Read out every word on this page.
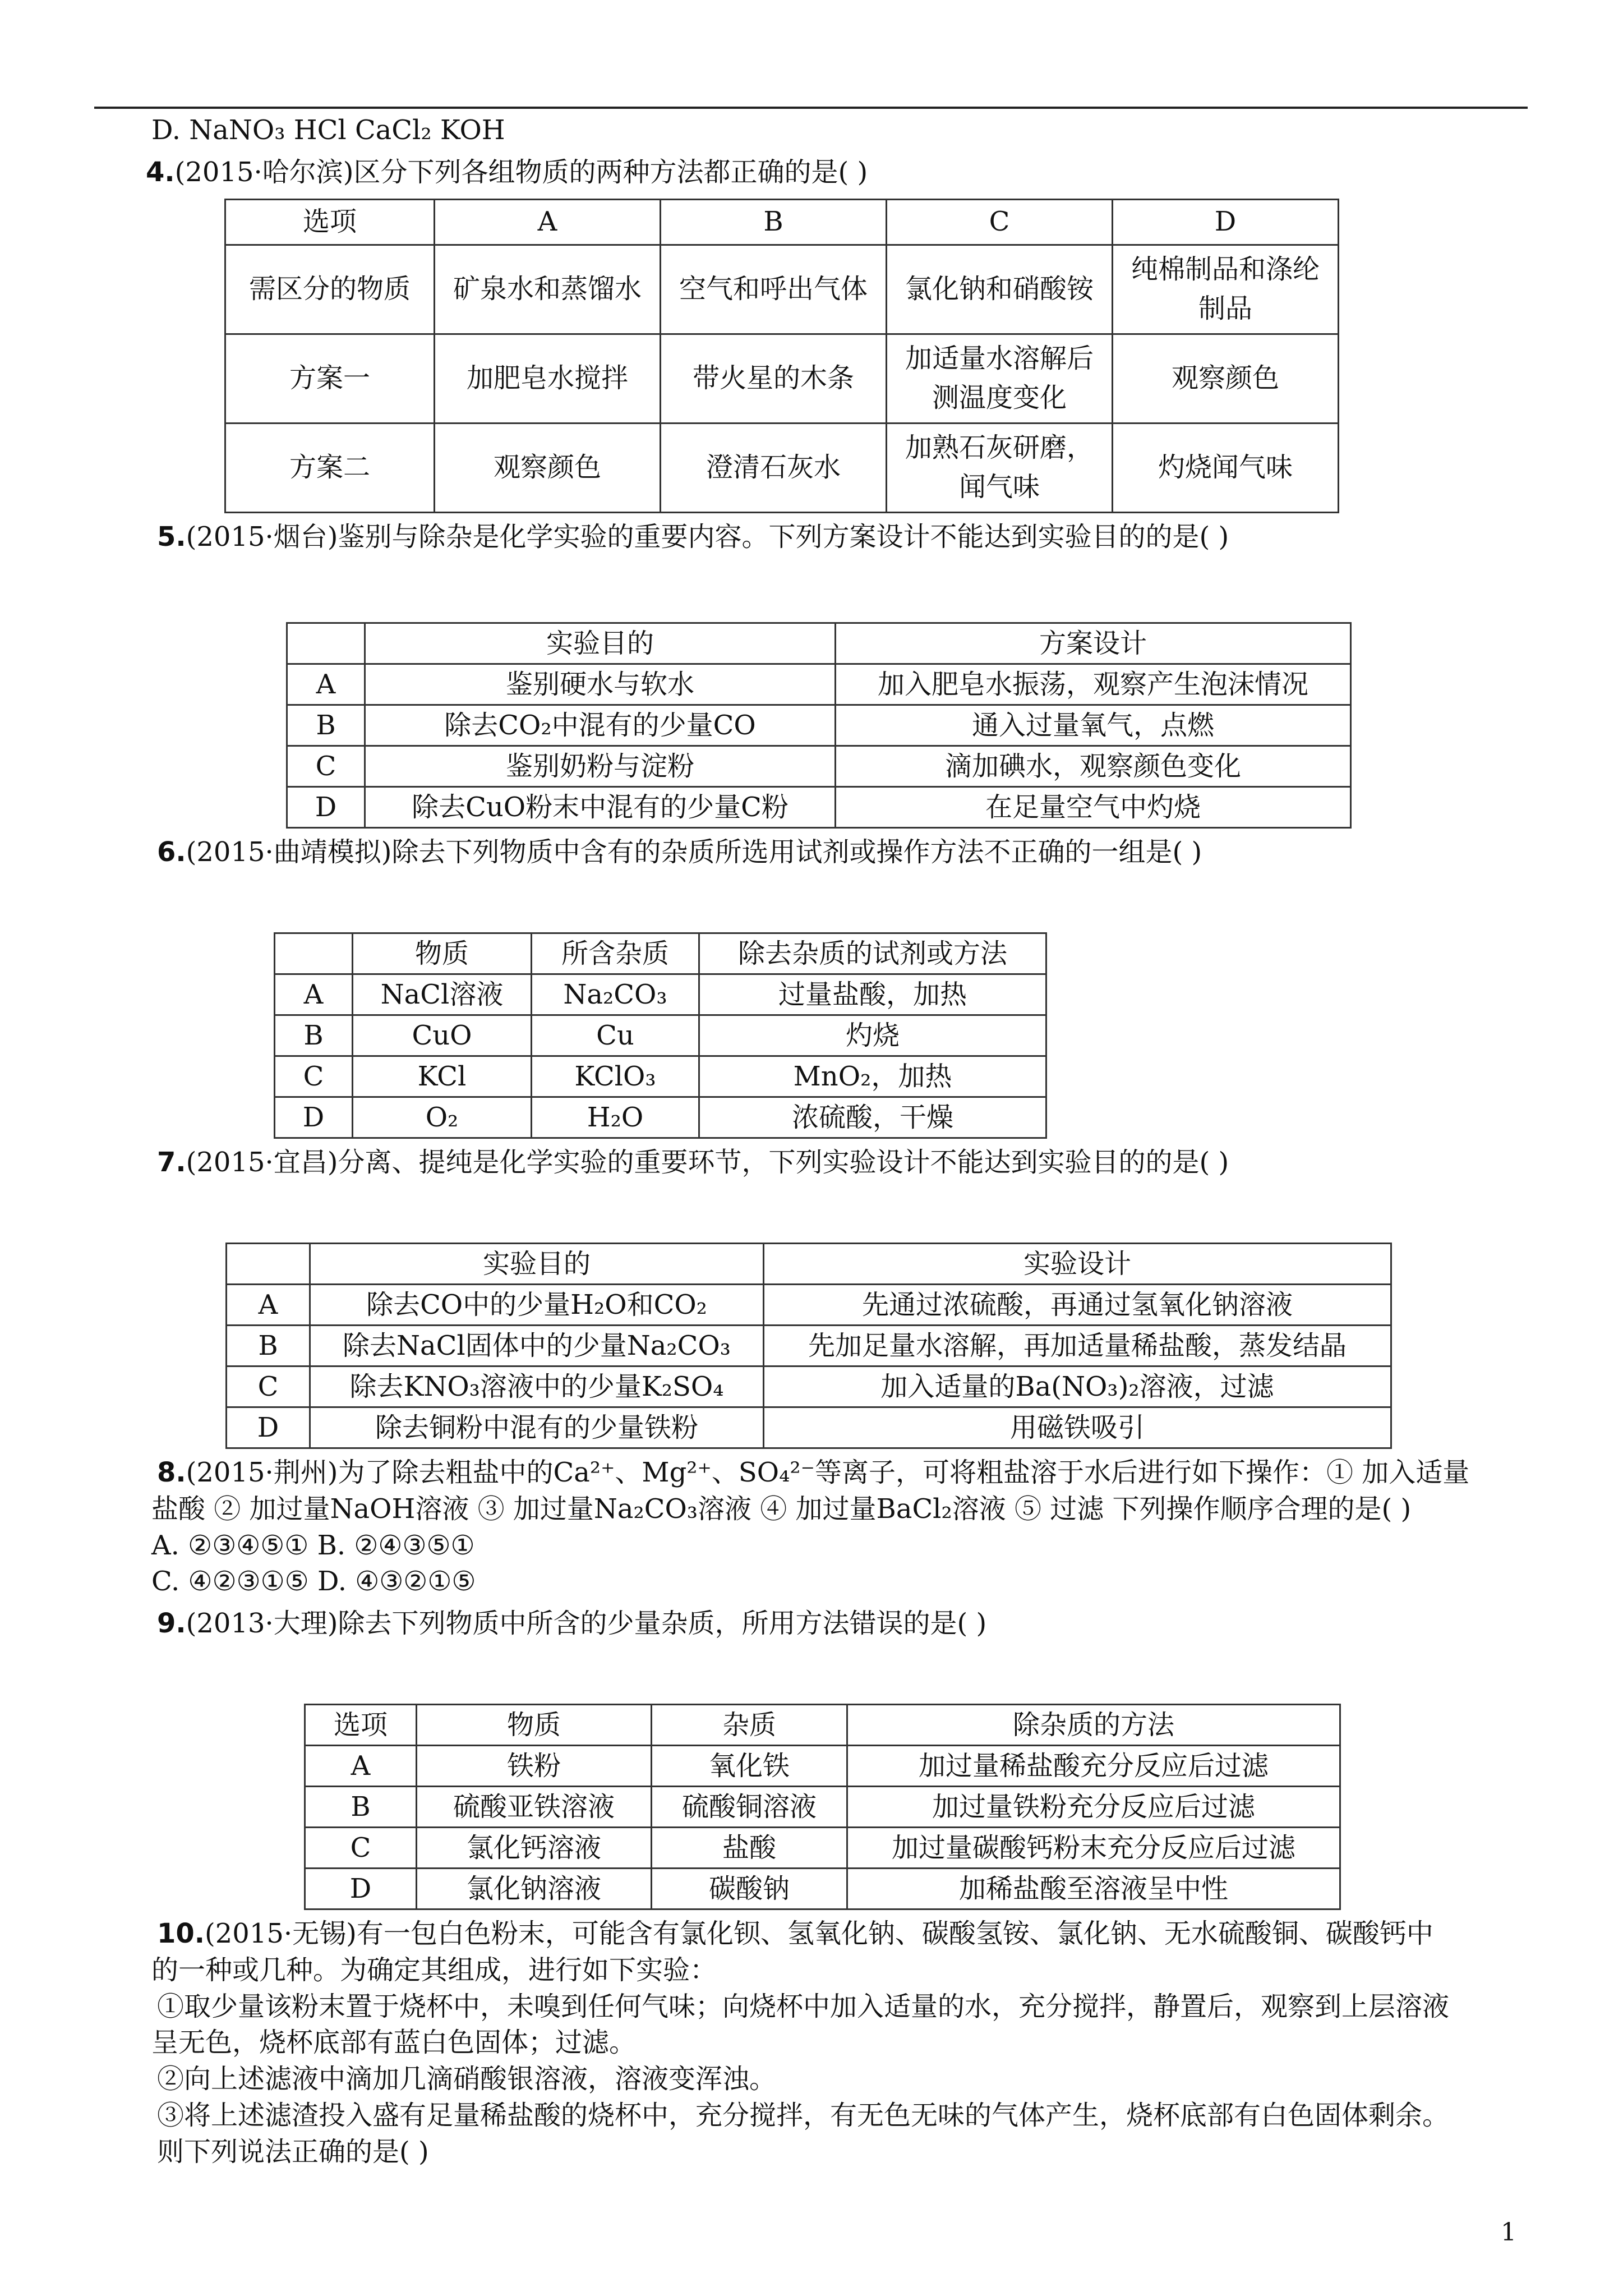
D. NaNO₃ HCl CaCl₂ KOH

4.(2015·哈尔滨)区分下列各组物质的两种方法都正确的是( )

选项	A	B	C	D
需区分的物质	矿泉水和蒸馏水	空气和呼出气体	氯化钠和硝酸铵	纯棉制品和涤纶制品
方案一	加肥皂水搅拌	带火星的木条	加适量水溶解后测温度变化	观察颜色
方案二	观察颜色	澄清石灰水	加熟石灰研磨，闻气味	灼烧闻气味

5.(2015·烟台)鉴别与除杂是化学实验的重要内容。下列方案设计不能达到实验目的的是( )

	实验目的	方案设计
A	鉴别硬水与软水	加入肥皂水振荡，观察产生泡沫情况
B	除去CO₂中混有的少量CO	通入过量氧气，点燃
C	鉴别奶粉与淀粉	滴加碘水，观察颜色变化
D	除去CuO粉末中混有的少量C粉	在足量空气中灼烧

6.(2015·曲靖模拟)除去下列物质中含有的杂质所选用试剂或操作方法不正确的一组是( )

	物质	所含杂质	除去杂质的试剂或方法
A	NaCl溶液	Na₂CO₃	过量盐酸，加热
B	CuO	Cu	灼烧
C	KCl	KClO₃	MnO₂，加热
D	O₂	H₂O	浓硫酸，干燥

7.(2015·宜昌)分离、提纯是化学实验的重要环节，下列实验设计不能达到实验目的的是( )

	实验目的	实验设计
A	除去CO中的少量H₂O和CO₂	先通过浓硫酸，再通过氢氧化钠溶液
B	除去NaCl固体中的少量Na₂CO₃	先加足量水溶解，再加适量稀盐酸，蒸发结晶
C	除去KNO₃溶液中的少量K₂SO₄	加入适量的Ba(NO₃)₂溶液，过滤
D	除去铜粉中混有的少量铁粉	用磁铁吸引

8.(2015·荆州)为了除去粗盐中的Ca²⁺、Mg²⁺、SO₄²⁻等离子，可将粗盐溶于水后进行如下操作：① 加入适量

盐酸 ② 加过量NaOH溶液 ③ 加过量Na₂CO₃溶液 ④ 加过量BaCl₂溶液 ⑤ 过滤 下列操作顺序合理的是( )

A. ②③④⑤① B. ②④③⑤①

C. ④②③①⑤ D. ④③②①⑤

9.(2013·大理)除去下列物质中所含的少量杂质，所用方法错误的是( )

选项	物质	杂质	除杂质的方法
A	铁粉	氧化铁	加过量稀盐酸充分反应后过滤
B	硫酸亚铁溶液	硫酸铜溶液	加过量铁粉充分反应后过滤
C	氯化钙溶液	盐酸	加过量碳酸钙粉末充分反应后过滤
D	氯化钠溶液	碳酸钠	加稀盐酸至溶液呈中性

10.(2015·无锡)有一包白色粉末，可能含有氯化钡、氢氧化钠、碳酸氢铵、氯化钠、无水硫酸铜、碳酸钙中

的一种或几种。为确定其组成，进行如下实验：

①取少量该粉末置于烧杯中，未嗅到任何气味；向烧杯中加入适量的水，充分搅拌，静置后，观察到上层溶液

呈无色，烧杯底部有蓝白色固体；过滤。

②向上述滤液中滴加几滴硝酸银溶液，溶液变浑浊。

③将上述滤渣投入盛有足量稀盐酸的烧杯中，充分搅拌，有无色无味的气体产生，烧杯底部有白色固体剩余。

则下列说法正确的是( )

1
